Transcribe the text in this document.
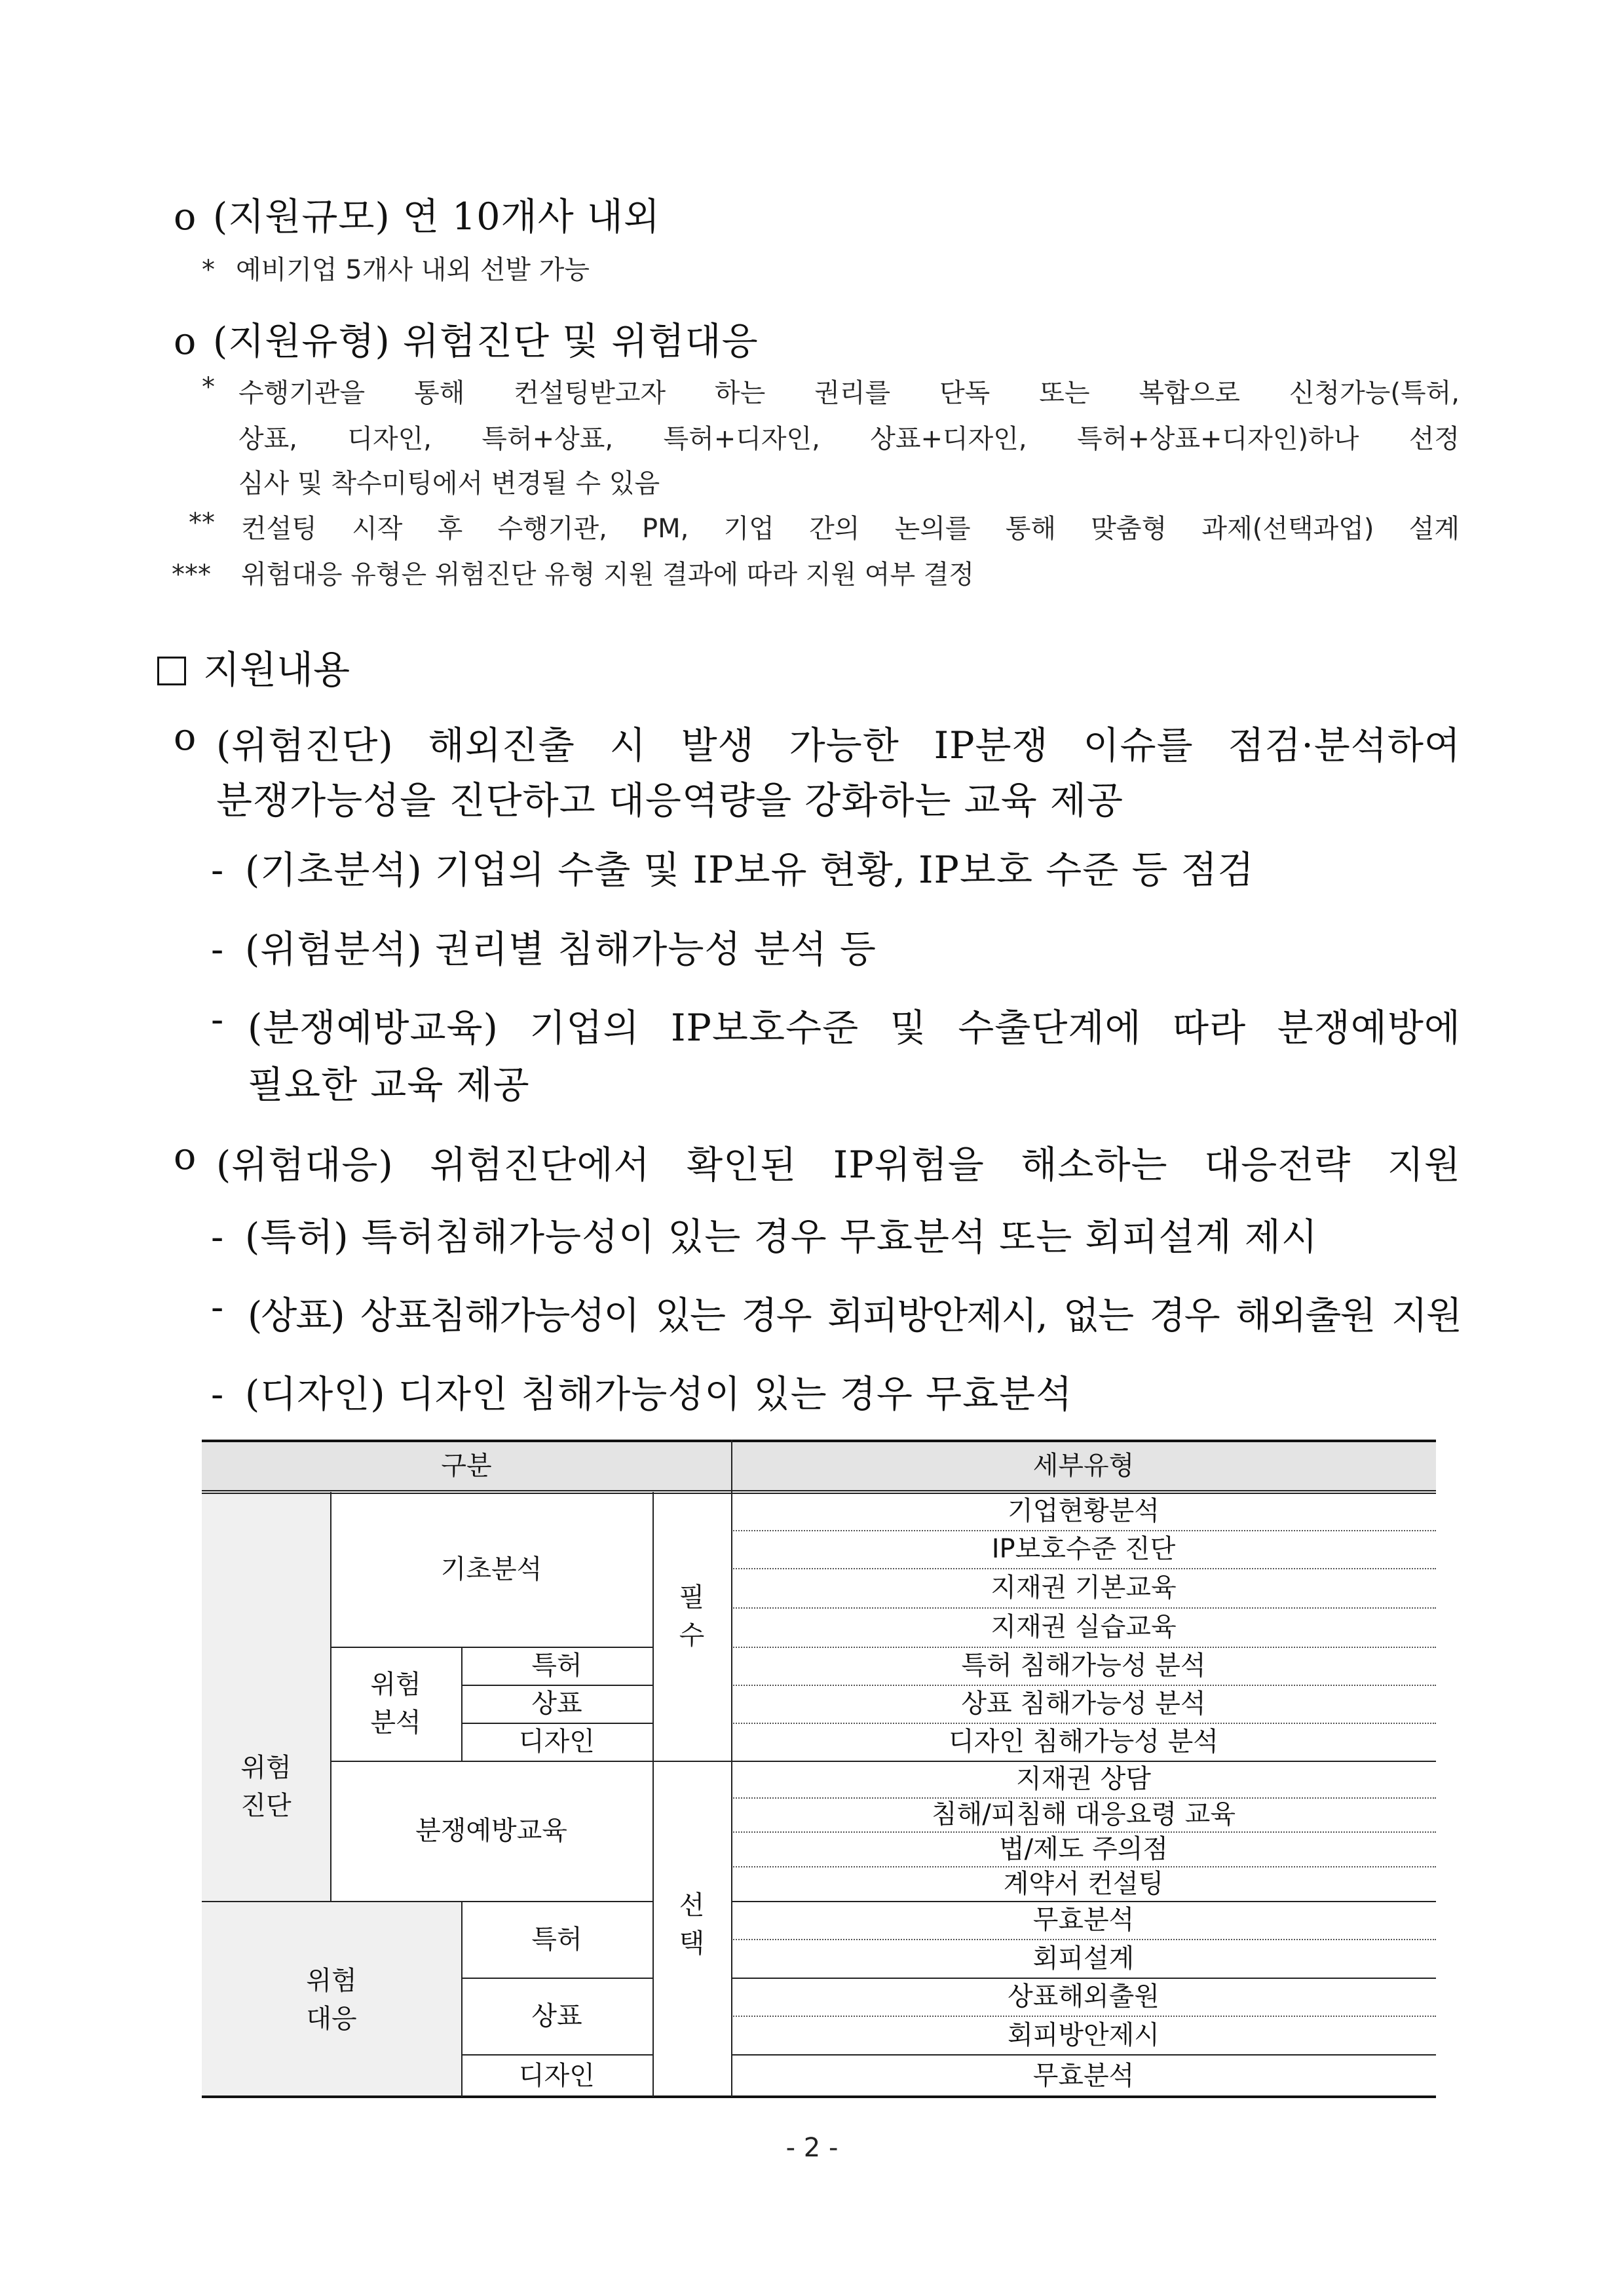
o (지원규모) 연 10개사 내외
* 예비기업 5개사 내외 선발 가능
o (지원유형) 위험진단 및 위험대응
* 수행기관을 통해 컨설팅받고자 하는 권리를 단독 또는 복합으로 신청가능(특허,
상표, 디자인, 특허+상표, 특허+디자인, 상표+디자인, 특허+상표+디자인)하나 선정
심사 및 착수미팅에서 변경될 수 있음
** 컨설팅 시작 후 수행기관, PM, 기업 간의 논의를 통해 맞춤형 과제(선택과업) 설계
*** 위험대응 유형은 위험진단 유형 지원 결과에 따라 지원 여부 결정
지원내용
o (위험진단) 해외진출 시 발생 가능한 IP분쟁 이슈를 점검·분석하여
분쟁가능성을 진단하고 대응역량을 강화하는 교육 제공
- (기초분석) 기업의 수출 및 IP보유 현황, IP보호 수준 등 점검
- (위험분석) 권리별 침해가능성 분석 등
- (분쟁예방교육) 기업의 IP보호수준 및 수출단계에 따라 분쟁예방에
필요한 교육 제공
o (위험대응) 위험진단에서 확인된 IP위험을 해소하는 대응전략 지원
- (특허) 특허침해가능성이 있는 경우 무효분석 또는 회피설계 제시
- (상표) 상표침해가능성이 있는 경우 회피방안제시, 없는 경우 해외출원 지원
- (디자인) 디자인 침해가능성이 있는 경우 무효분석
구분	세부유형
위험
진단
기초분석
위험
분석
특허
상표
디자인
분쟁예방교육
필
수
선
택
위험
대응
특허
상표
디자인
기업현황분석
IP보호수준 진단
지재권 기본교육
지재권 실습교육
특허 침해가능성 분석
상표 침해가능성 분석
디자인 침해가능성 분석
지재권 상담
침해/피침해 대응요령 교육
법/제도 주의점
계약서 컨설팅
무효분석
회피설계
상표해외출원
회피방안제시
무효분석
- 2 -
